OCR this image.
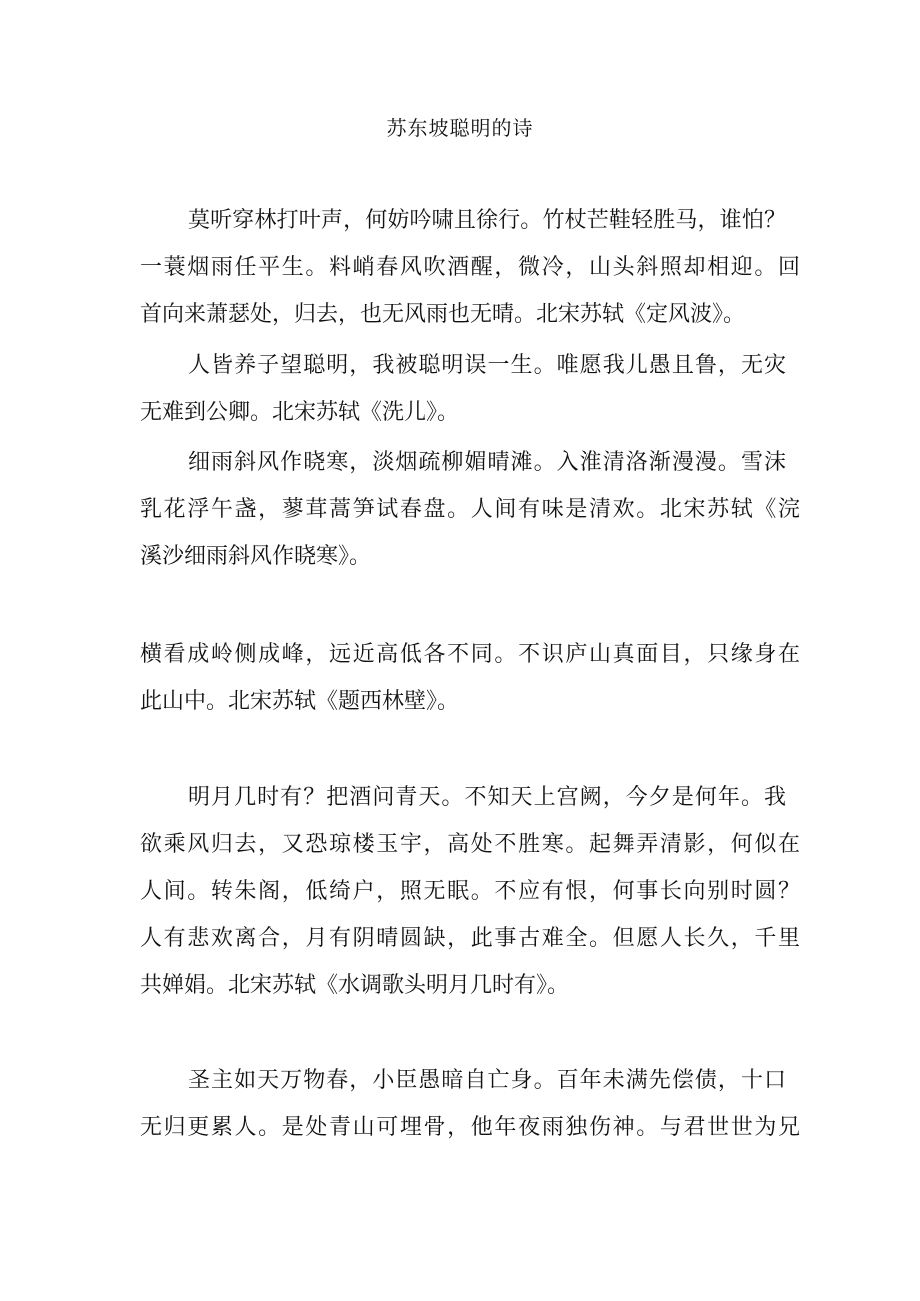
苏东坡聪明的诗
莫听穿林打叶声，何妨吟啸且徐行。竹杖芒鞋轻胜马，谁怕？
一蓑烟雨任平生。料峭春风吹酒醒，微冷，山头斜照却相迎。回
首向来萧瑟处，归去，也无风雨也无晴。北宋苏轼《定风波》。
人皆养子望聪明，我被聪明误一生。唯愿我儿愚且鲁，无灾
无难到公卿。北宋苏轼《洗儿》。
细雨斜风作晓寒，淡烟疏柳媚晴滩。入淮清洛渐漫漫。雪沫
乳花浮午盏，蓼茸蒿笋试春盘。人间有味是清欢。北宋苏轼《浣
溪沙细雨斜风作晓寒》。
横看成岭侧成峰，远近高低各不同。不识庐山真面目，只缘身在
此山中。北宋苏轼《题西林壁》。
明月几时有？把酒问青天。不知天上宫阙，今夕是何年。我
欲乘风归去，又恐琼楼玉宇，高处不胜寒。起舞弄清影，何似在
人间。转朱阁，低绮户，照无眠。不应有恨，何事长向别时圆？
人有悲欢离合，月有阴晴圆缺，此事古难全。但愿人长久，千里
共婵娟。北宋苏轼《水调歌头明月几时有》。
圣主如天万物春，小臣愚暗自亡身。百年未满先偿债，十口
无归更累人。是处青山可埋骨，他年夜雨独伤神。与君世世为兄
